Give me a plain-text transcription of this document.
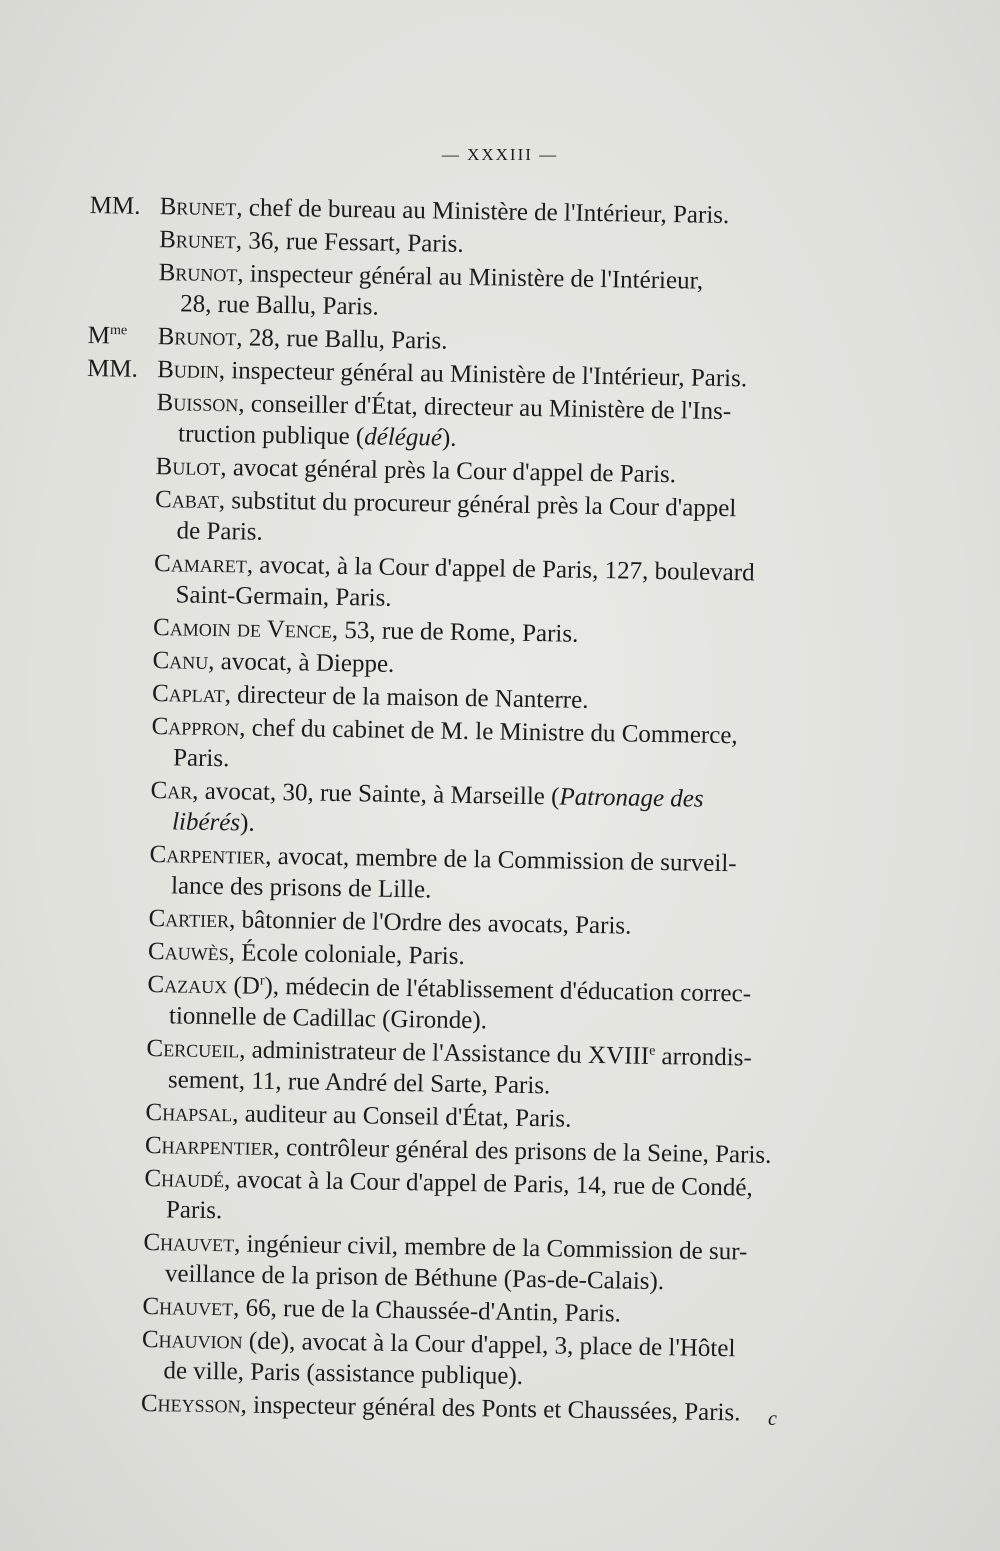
— XXXIII —
MM. Brunet, chef de bureau au Ministère de l'Intérieur, Paris.
Brunet, 36, rue Fessart, Paris.
Brunot, inspecteur général au Ministère de l'Intérieur,
28, rue Ballu, Paris.
$M^{me}$ Brunot, 28, rue Ballu, Paris.
MM. Budin, inspecteur général au Ministère de l'Intérieur, Paris.
Buisson, conseiller d'État, directeur au Ministère de l'Ins-
truction publique (délégué).
Bulot, avocat général près la Cour d'appel de Paris.
Cabat, substitut du procureur général près la Cour d'appel
de Paris.
Camaret, avocat, à la Cour d'appel de Paris, 127, boulevard
Saint-Germain, Paris.
Camoin de Vence, 53, rue de Rome, Paris.
Canu, avocat, à Dieppe.
Caplat, directeur de la maison de Nanterre.
Cappron, chef du cabinet de M. le Ministre du Commerce,
Paris.
Car, avocat, 30, rue Sainte, à Marseille (Patronage des
libérés).
Carpentier, avocat, membre de la Commission de surveil-
lance des prisons de Lille.
Cartier, bâtonnier de l'Ordre des avocats, Paris.
Cauwès, École coloniale, Paris.
Cazaux $(D^r)$, médecin de l'établissement d'éducation correc-
tionnelle de Cadillac (Gironde).
Cercueil, administrateur de l'Assistance du XVIIIe arrondis-
sement, 11, rue André del Sarte, Paris.
Chapsal, auditeur au Conseil d'État, Paris.
Charpentier, contrôleur général des prisons de la Seine, Paris.
Chaudé, avocat à la Cour d'appel de Paris, 14, rue de Condé,
Paris.
Chauvet, ingénieur civil, membre de la Commission de sur-
veillance de la prison de Béthune (Pas-de-Calais).
Chauvet, 66, rue de la Chaussée-d'Antin, Paris.
Chauvion (de), avocat à la Cour d'appel, 3, place de l'Hôtel
de ville, Paris (assistance publique).
Cheysson, inspecteur général des Ponts et Chaussées, Paris.	c
